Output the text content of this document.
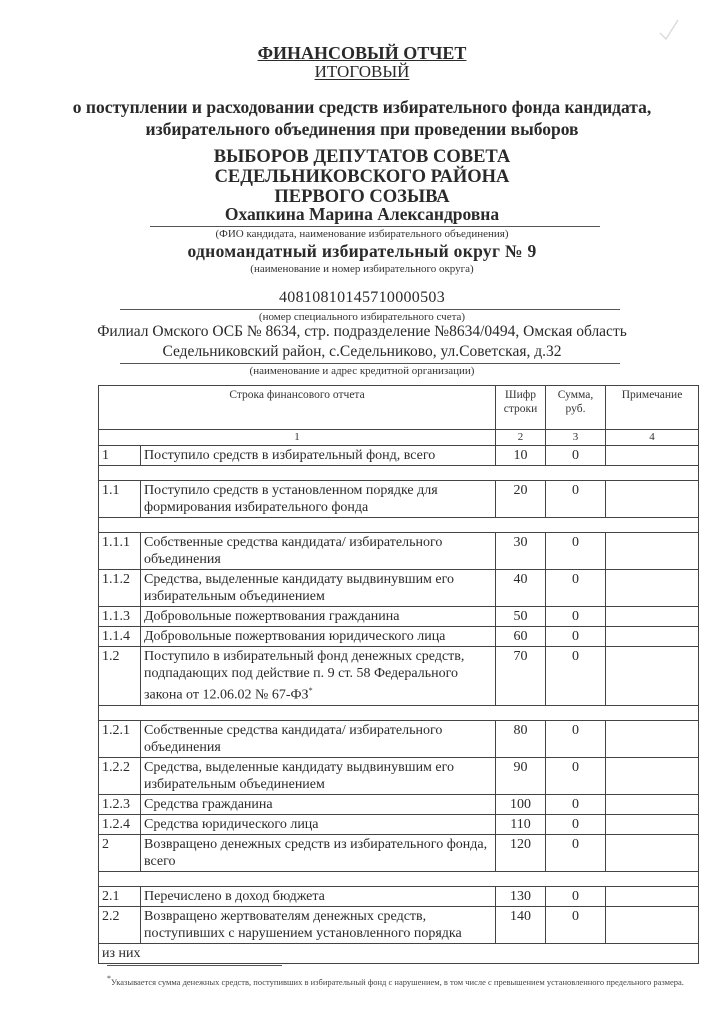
ФИНАНСОВЫЙ ОТЧЕТ
ИТОГОВЫЙ
о поступлении и расходовании средств избирательного фонда кандидата,
избирательного объединения при проведении выборов
ВЫБОРОВ ДЕПУТАТОВ СОВЕТА
СЕДЕЛЬНИКОВСКОГО РАЙОНА
ПЕРВОГО СОЗЫВА
Охапкина Марина Александровна
(ФИО кандидата, наименование избирательного объединения)
одномандатный избирательный округ № 9
(наименование и номер избирательного округа)
40810810145710000503
(номер специального избирательного счета)
Филиал Омского ОСБ № 8634, стр. подразделение №8634/0494, Омская область
Седельниковский район, с.Седельниково, ул.Советская, д.32
(наименование и адрес кредитной организации)
Строка финансового отчета		Шифр строки	Сумма, руб.	Примечание
1		2	3	4
1	Поступило средств в избирательный фонд, всего	10	0	

1.1	Поступило средств в установленном порядке для формирования избирательного фонда	20	0	

1.1.1	Собственные средства кандидата/ избирательного объединения	30	0	
1.1.2	Средства, выделенные кандидату выдвинувшим его избирательным объединением	40	0	
1.1.3	Добровольные пожертвования гражданина	50	0	
1.1.4	Добровольные пожертвования юридического лица	60	0	
1.2	Поступило в избирательный фонд денежных средств, подпадающих под действие п. 9 ст. 58 Федерального закона от 12.06.02 № 67-ФЗ*	70	0	

1.2.1	Собственные средства кандидата/ избирательного объединения	80	0	
1.2.2	Средства, выделенные кандидату выдвинувшим его избирательным объединением	90	0	
1.2.3	Средства гражданина	100	0	
1.2.4	Средства юридического лица	110	0	
2	Возвращено денежных средств из избирательного фонда, всего	120	0	

2.1	Перечислено в доход бюджета	130	0	
2.2	Возвращено жертвователям денежных средств, поступивших с нарушением установленного порядка	140	0	
из них				
*Указывается сумма денежных средств, поступивших в избирательный фонд с нарушением, в том числе с превышением установленного предельного размера.
